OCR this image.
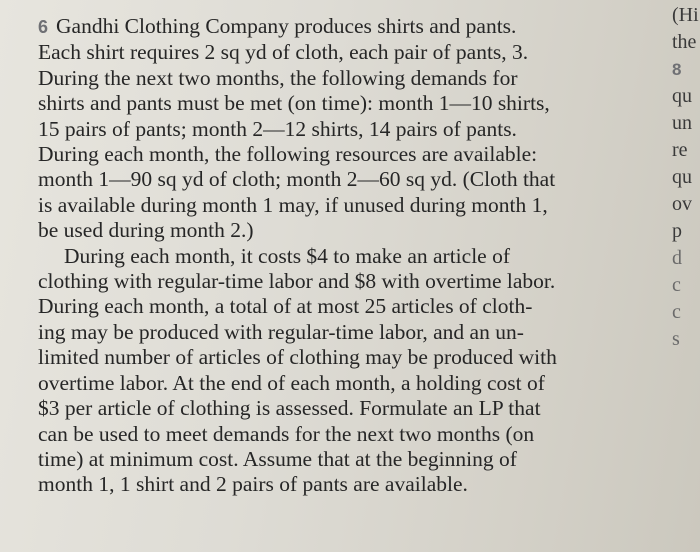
6 Gandhi Clothing Company produces shirts and pants.
Each shirt requires 2 sq yd of cloth, each pair of pants, 3.
During the next two months, the following demands for
shirts and pants must be met (on time): month 1—10 shirts,
15 pairs of pants; month 2—12 shirts, 14 pairs of pants.
During each month, the following resources are available:
month 1—90 sq yd of cloth; month 2—60 sq yd. (Cloth that
is available during month 1 may, if unused during month 1,
be used during month 2.)
During each month, it costs $4 to make an article of
clothing with regular-time labor and $8 with overtime labor.
During each month, a total of at most 25 articles of cloth-
ing may be produced with regular-time labor, and an un-
limited number of articles of clothing may be produced with
overtime labor. At the end of each month, a holding cost of
$3 per article of clothing is assessed. Formulate an LP that
can be used to meet demands for the next two months (on
time) at minimum cost. Assume that at the beginning of
month 1, 1 shirt and 2 pairs of pants are available.
(Hi
the
8
qu
un
re
qu
ov
p
d
c
c
s
